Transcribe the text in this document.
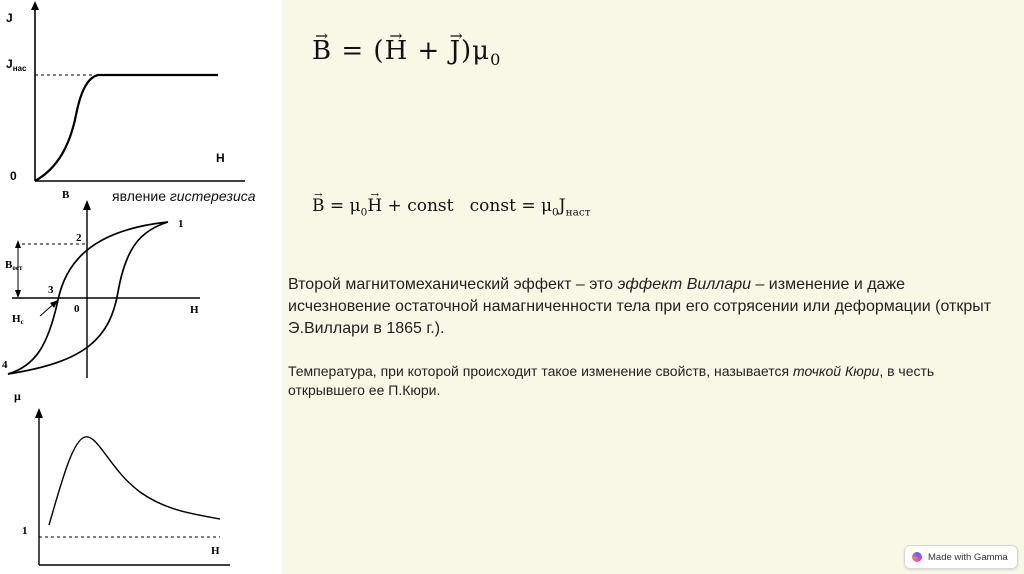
J
$J_{нас}$
H
0
B
H
0
Bост
Hc
1
2
3
4
μ
H
1
явление гистерезиса
→ B = (→ H + → $J)\mu_0$
→ $B = \mu_0\to H$ + const   const = $\mu_0J_{наст}$
Второй магнитомеханический эффект – это эффект Виллари – изменение и даже исчезновение остаточной намагниченности тела при его сотрясении или деформации (открыт Э.Виллари в 1865 г.).
Температура, при которой происходит такое изменение свойств, называется точкой Кюри, в честь открывшего ее П.Кюри.
Made with Gamma
